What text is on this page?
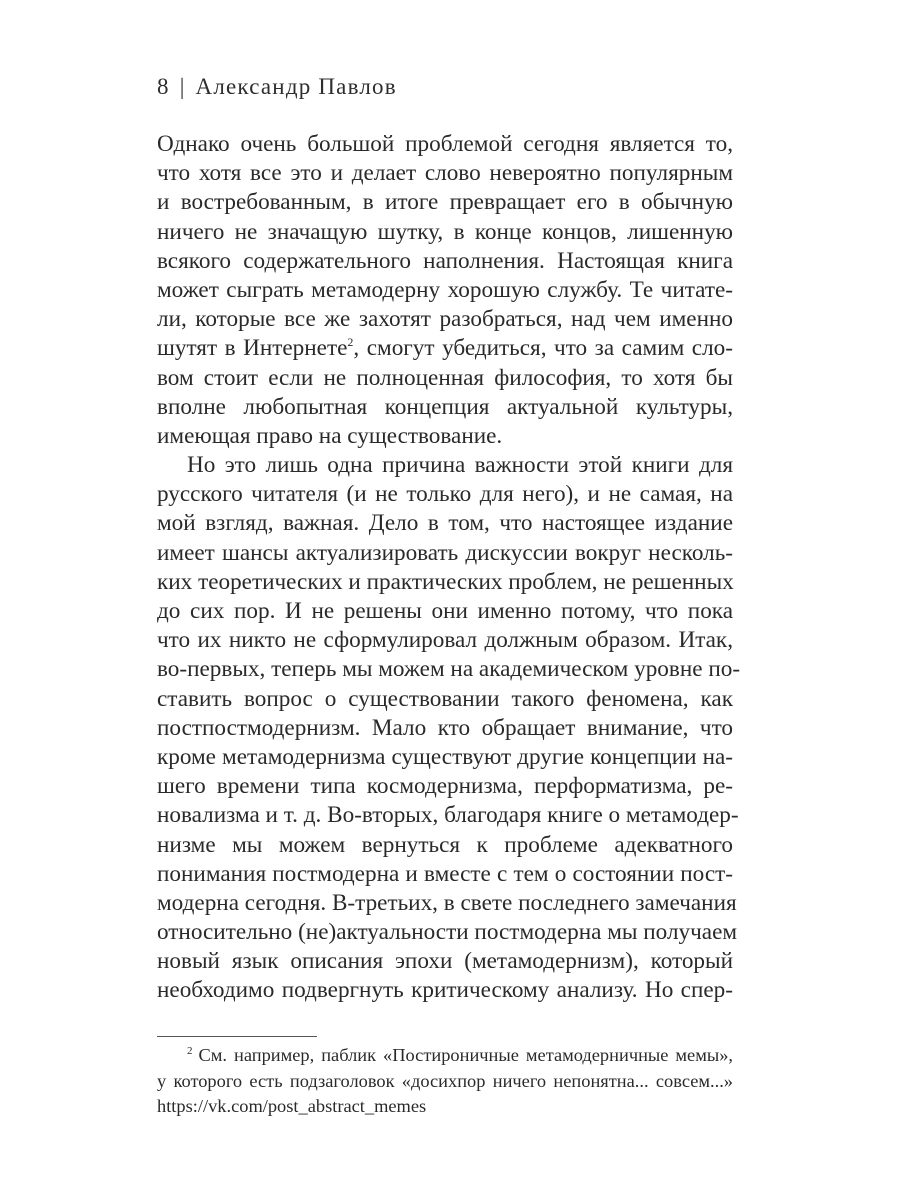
8 | Александр Павлов
Однако очень большой проблемой сегодня является то,
что хотя все это и делает слово невероятно популярным
и востребованным, в итоге превращает его в обычную
ничего не значащую шутку, в конце концов, лишенную
всякого содержательного наполнения. Настоящая книга
может сыграть метамодерну хорошую службу. Те читате-
ли, которые все же захотят разобраться, над чем именно
шутят в Интернете$^2$, смогут убедиться, что за самим сло-
вом стоит если не полноценная философия, то хотя бы
вполне любопытная концепция актуальной культуры,
имеющая право на существование.
Но это лишь одна причина важности этой книги для
русского читателя (и не только для него), и не самая, на
мой взгляд, важная. Дело в том, что настоящее издание
имеет шансы актуализировать дискуссии вокруг несколь-
ких теоретических и практических проблем, не решенных
до сих пор. И не решены они именно потому, что пока
что их никто не сформулировал должным образом. Итак,
во-первых, теперь мы можем на академическом уровне по-
ставить вопрос о существовании такого феномена, как
постпостмодернизм. Мало кто обращает внимание, что
кроме метамодернизма существуют другие концепции на-
шего времени типа космодернизма, перформатизма, ре-
новализма и т. д. Во-вторых, благодаря книге о метамодер-
низме мы можем вернуться к проблеме адекватного
понимания постмодерна и вместе с тем о состоянии пост-
модерна сегодня. В-третьих, в свете последнего замечания
относительно (не)актуальности постмодерна мы получаем
новый язык описания эпохи (метамодернизм), который
необходимо подвергнуть критическому анализу. Но спер-
$^2$ См. например, паблик «Постироничные метамодерничные мемы»,
у которого есть подзаголовок «досихпор ничего непонятна... совсем...»
https://vk.com/post_abstract_memes
